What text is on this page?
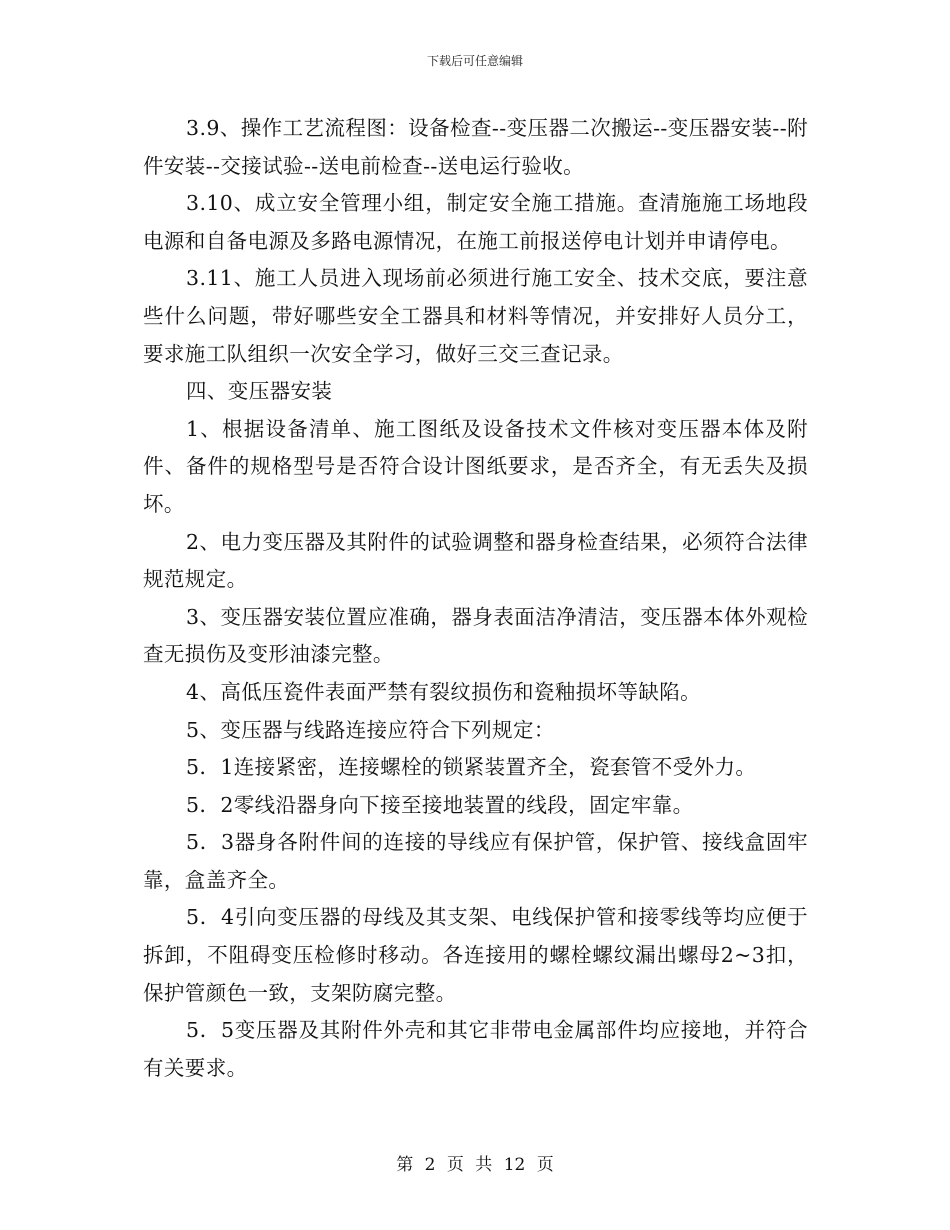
下载后可任意编辑

3.9、操作工艺流程图：设备检查--变压器二次搬运--变压器安装--附件安装--交接试验--送电前检查--送电运行验收。

3.10、成立安全管理小组，制定安全施工措施。查清施施工场地段电源和自备电源及多路电源情况，在施工前报送停电计划并申请停电。

3.11、施工人员进入现场前必须进行施工安全、技术交底，要注意些什么问题，带好哪些安全工器具和材料等情况，并安排好人员分工，要求施工队组织一次安全学习，做好三交三查记录。

四、变压器安装

1、根据设备清单、施工图纸及设备技术文件核对变压器本体及附件、备件的规格型号是否符合设计图纸要求，是否齐全，有无丢失及损坏。

2、电力变压器及其附件的试验调整和器身检查结果，必须符合法律规范规定。

3、变压器安装位置应准确，器身表面洁净清洁，变压器本体外观检查无损伤及变形油漆完整。

4、高低压瓷件表面严禁有裂纹损伤和瓷釉损坏等缺陷。

5、变压器与线路连接应符合下列规定：

5．1连接紧密，连接螺栓的锁紧装置齐全，瓷套管不受外力。

5．2零线沿器身向下接至接地装置的线段，固定牢靠。

5．3器身各附件间的连接的导线应有保护管，保护管、接线盒固牢靠，盒盖齐全。

5．4引向变压器的母线及其支架、电线保护管和接零线等均应便于拆卸，不阻碍变压检修时移动。各连接用的螺栓螺纹漏出螺母2~3扣，保护管颜色一致，支架防腐完整。

5．5变压器及其附件外壳和其它非带电金属部件均应接地，并符合有关要求。

第 2 页 共 12 页
